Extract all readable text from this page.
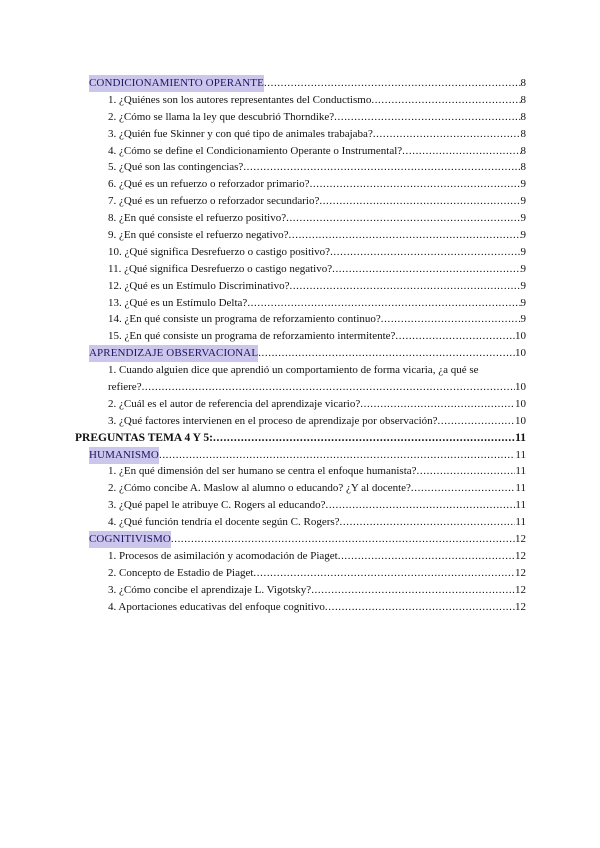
CONDICIONAMIENTO OPERANTE .....	8
1. ¿Quiénes son los autores representantes del Conductismo .....	8
2. ¿Cómo se llama la ley que descubrió Thorndike? .....	8
3. ¿Quién fue Skinner y con qué tipo de animales trabajaba? .....	8
4. ¿Cómo se define el Condicionamiento Operante o Instrumental? .....	8
5. ¿Qué son las contingencias? .....	8
6. ¿Qué es un refuerzo o reforzador primario? .....	9
7. ¿Qué es un refuerzo o reforzador secundario? .....	9
8. ¿En qué consiste el refuerzo positivo? .....	9
9. ¿En qué consiste el refuerzo negativo? .....	9
10. ¿Qué significa Desrefuerzo o castigo positivo? .....	9
11. ¿Qué significa Desrefuerzo o castigo negativo? .....	9
12. ¿Qué es un Estímulo Discriminativo? .....	9
13. ¿Qué es un Estímulo Delta? .....	9
14. ¿En qué consiste un programa de reforzamiento continuo? .....	9
15. ¿En qué consiste un programa de reforzamiento intermitente? .....	10
APRENDIZAJE OBSERVACIONAL .....	10
1. Cuando alguien dice que aprendió un comportamiento de forma vicaria, ¿a qué se
refiere? .....	10
2. ¿Cuál es el autor de referencia del aprendizaje vicario? .....	10
3. ¿Qué factores intervienen en el proceso de aprendizaje por observación? .....	10
PREGUNTAS TEMA 4 Y 5: .....	11
HUMANISMO .....	11
1. ¿En qué dimensión del ser humano se centra el enfoque humanista? .....	11
2. ¿Cómo concibe A. Maslow al alumno o educando? ¿Y al docente? .....	11
3. ¿Qué papel le atribuye C. Rogers al educando? .....	11
4. ¿Qué función tendría el docente según C. Rogers? .....	11
COGNITIVISMO .....	12
1. Procesos de asimilación y acomodación de Piaget .....	12
2. Concepto de Estadio de Piaget .....	12
3. ¿Cómo concibe el aprendizaje L. Vigotsky? .....	12
4. Aportaciones educativas del enfoque cognitivo .....	12
